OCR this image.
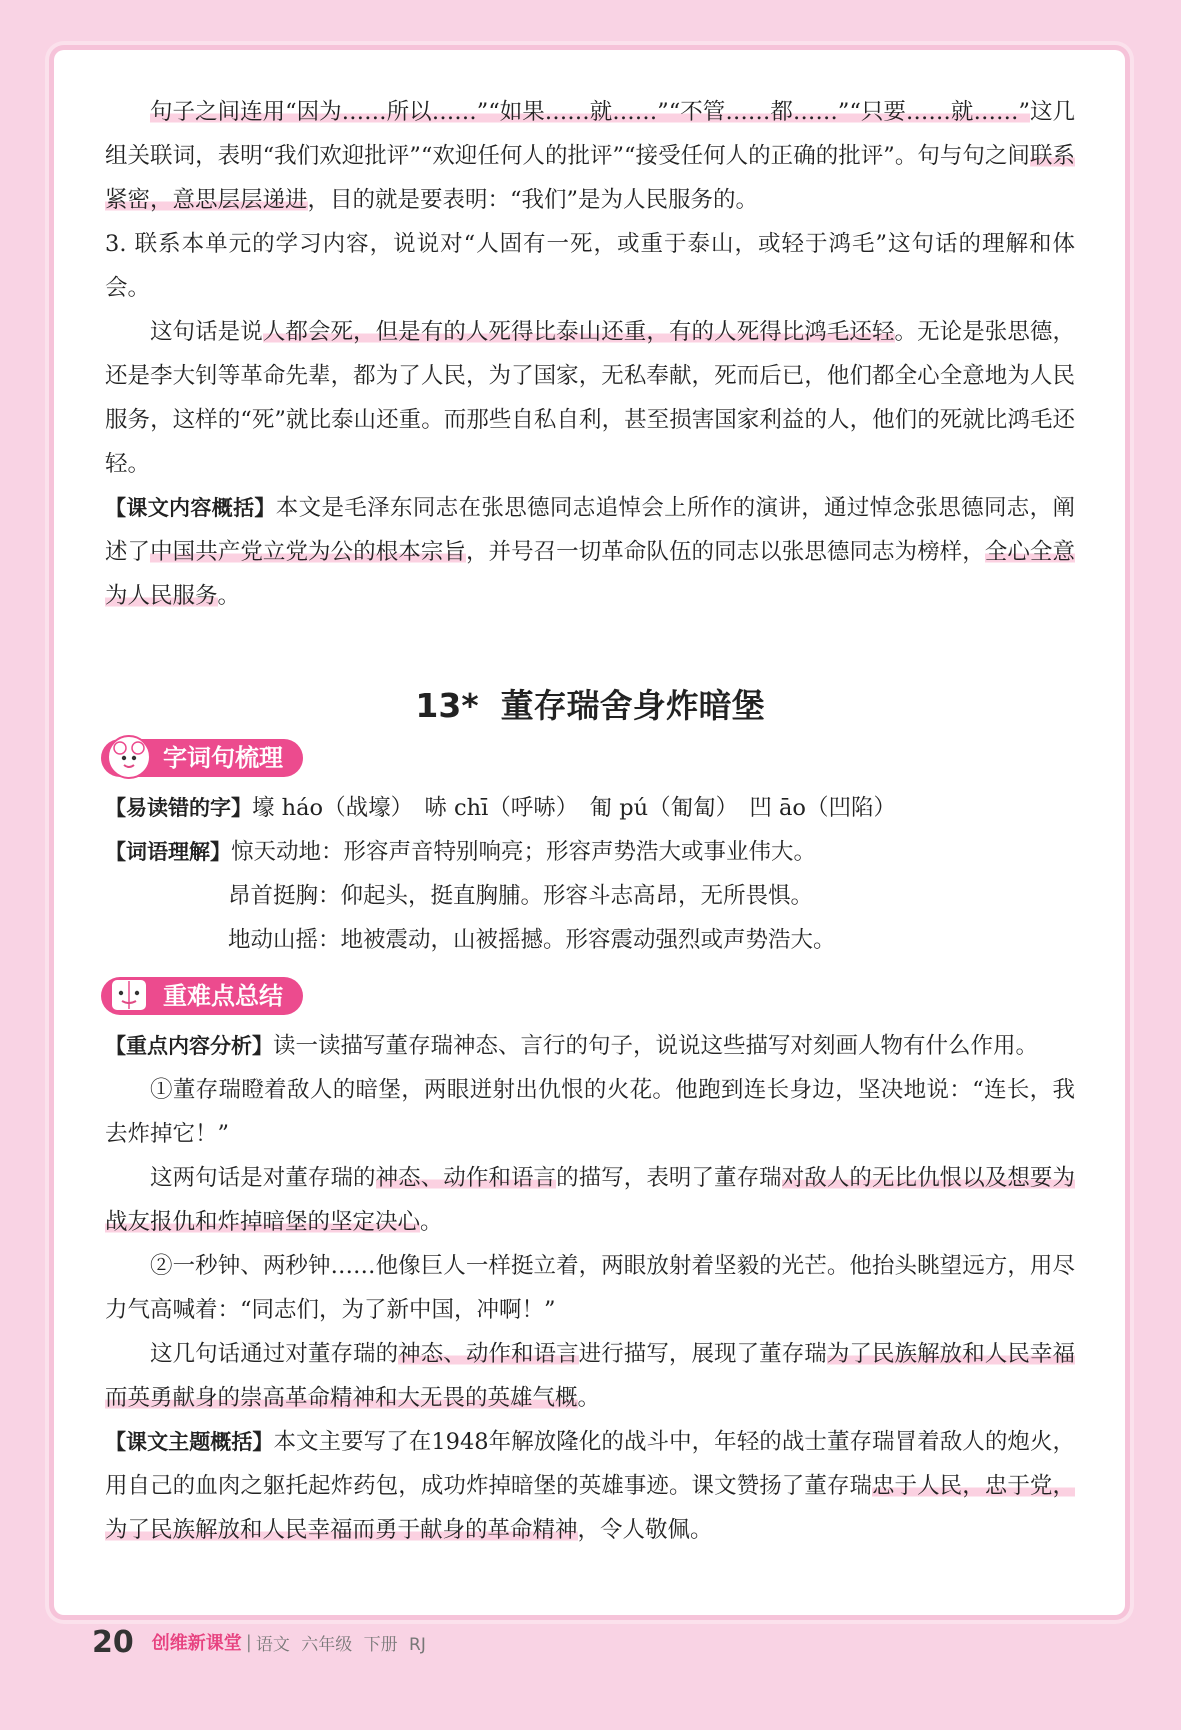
句子之间连用“因为……所以……”“如果……就……”“不管……都……”“只要……就……”这几组关联词，表明“我们欢迎批评”“欢迎任何人的批评”“接受任何人的正确的批评”。句与句之间联系紧密，意思层层递进，目的就是要表明：“我们”是为人民服务的。

3. 联系本单元的学习内容，说说对“人固有一死，或重于泰山，或轻于鸿毛”这句话的理解和体会。

这句话是说人都会死，但是有的人死得比泰山还重，有的人死得比鸿毛还轻。无论是张思德，还是李大钊等革命先辈，都为了人民，为了国家，无私奉献，死而后已，他们都全心全意地为人民服务，这样的“死”就比泰山还重。而那些自私自利，甚至损害国家利益的人，他们的死就比鸿毛还轻。

【课文内容概括】本文是毛泽东同志在张思德同志追悼会上所作的演讲，通过悼念张思德同志，阐述了中国共产党立党为公的根本宗旨，并号召一切革命队伍的同志以张思德同志为榜样，全心全意为人民服务。

13* 董存瑞舍身炸暗堡
字词句梳理

【易读错的字】壕 háo（战壕）　哧 chī（呼哧）　匍 pú（匍匐）　凹 āo（凹陷）

【词语理解】惊天动地：形容声音特别响亮；形容声势浩大或事业伟大。

昂首挺胸：仰起头，挺直胸脯。形容斗志高昂，无所畏惧。

地动山摇：地被震动，山被摇撼。形容震动强烈或声势浩大。

重难点总结

【重点内容分析】读一读描写董存瑞神态、言行的句子，说说这些描写对刻画人物有什么作用。

①董存瑞瞪着敌人的暗堡，两眼迸射出仇恨的火花。他跑到连长身边，坚决地说：“连长，我去炸掉它！”

这两句话是对董存瑞的神态、动作和语言的描写，表明了董存瑞对敌人的无比仇恨以及想要为战友报仇和炸掉暗堡的坚定决心。

②一秒钟、两秒钟……他像巨人一样挺立着，两眼放射着坚毅的光芒。他抬头眺望远方，用尽力气高喊着：“同志们，为了新中国，冲啊！”

这几句话通过对董存瑞的神态、动作和语言进行描写，展现了董存瑞为了民族解放和人民幸福而英勇献身的崇高革命精神和大无畏的英雄气概。

【课文主题概括】本文主要写了在1948年解放隆化的战斗中，年轻的战士董存瑞冒着敌人的炮火，用自己的血肉之躯托起炸药包，成功炸掉暗堡的英雄事迹。课文赞扬了董存瑞忠于人民，忠于党，为了民族解放和人民幸福而勇于献身的革命精神，令人敬佩。

20 创维新课堂 | 语文 六年级 下册 RJ
